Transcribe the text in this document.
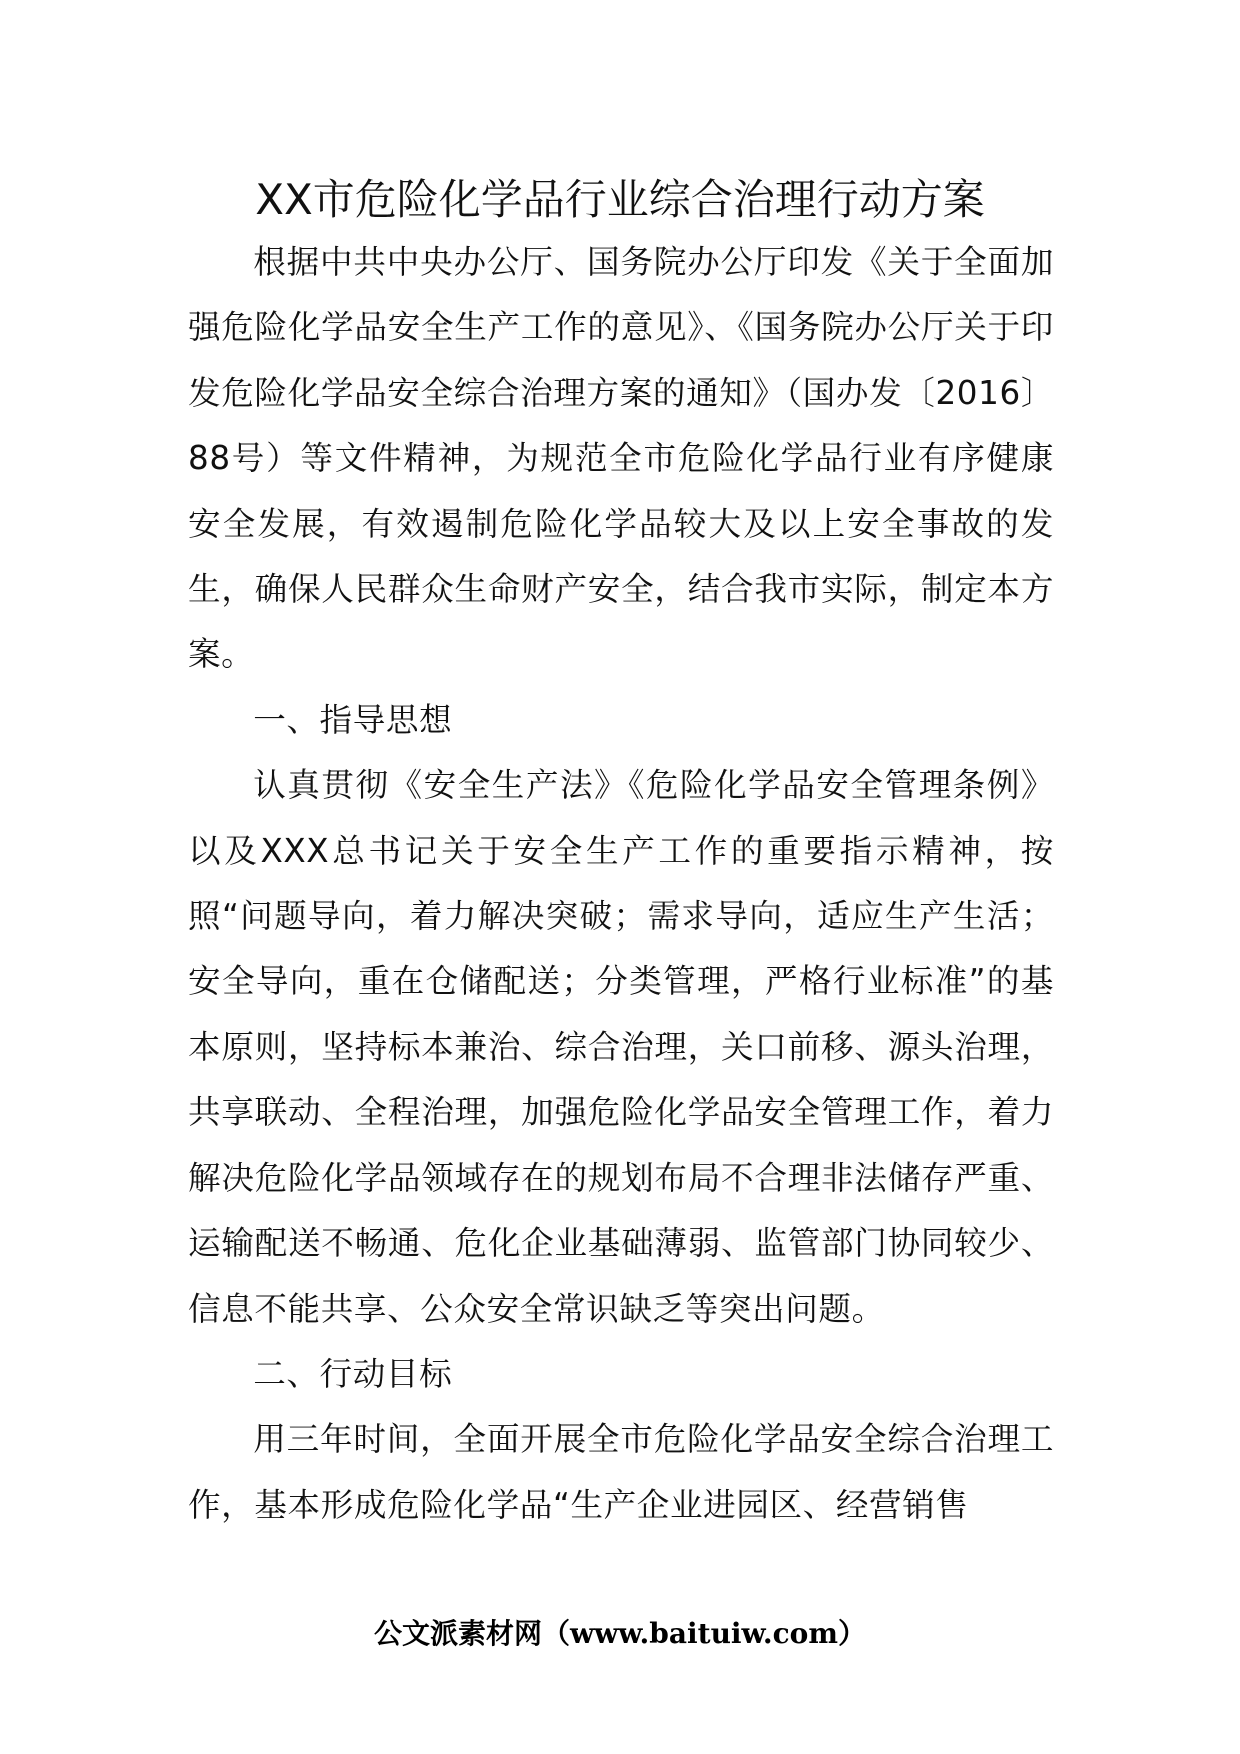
XX市危险化学品行业综合治理行动方案

根据中共中央办公厅、国务院办公厅印发《关于全面加强危险化学品安全生产工作的意见》、《国务院办公厅关于印发危险化学品安全综合治理方案的通知》（国办发〔2016〕88号）等文件精神，为规范全市危险化学品行业有序健康安全发展，有效遏制危险化学品较大及以上安全事故的发生，确保人民群众生命财产安全，结合我市实际，制定本方案。

一、指导思想

认真贯彻《安全生产法》《危险化学品安全管理条例》以及XXX总书记关于安全生产工作的重要指示精神，按照“问题导向，着力解决突破；需求导向，适应生产生活；安全导向，重在仓储配送；分类管理，严格行业标准”的基本原则，坚持标本兼治、综合治理，关口前移、源头治理，共享联动、全程治理，加强危险化学品安全管理工作，着力解决危险化学品领域存在的规划布局不合理非法储存严重、运输配送不畅通、危化企业基础薄弱、监管部门协同较少、信息不能共享、公众安全常识缺乏等突出问题。

二、行动目标

用三年时间，全面开展全市危险化学品安全综合治理工作，基本形成危险化学品“生产企业进园区、经营销售

公文派素材网（www.baituiw.com）
